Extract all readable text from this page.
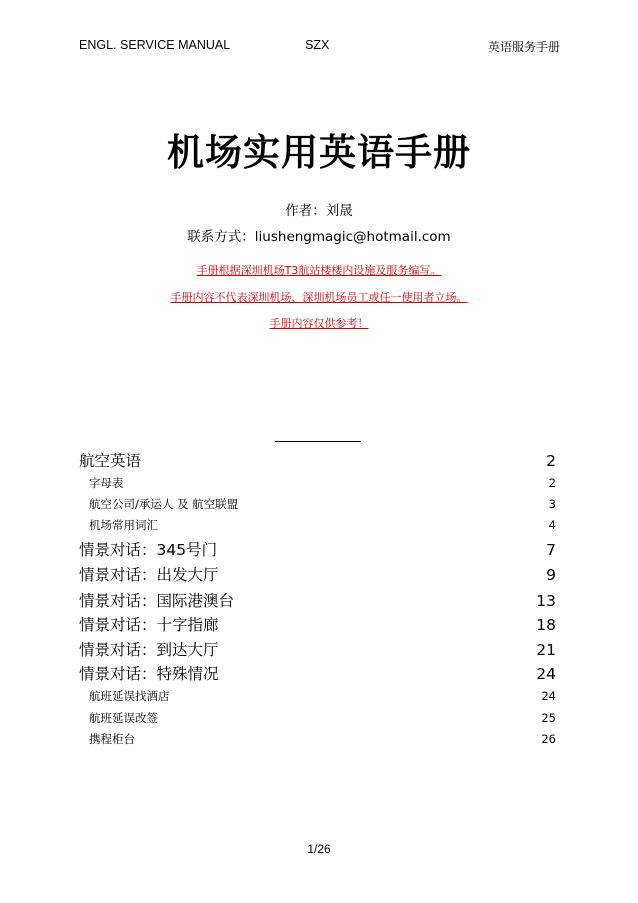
ENGL. SERVICE MANUAL	SZX	英语服务手册
机场实用英语手册
作者：刘晟
联系方式：liushengmagic@hotmail.com
手册根据深圳机场T3航站楼楼内设施及服务编写。
手册内容不代表深圳机场、深圳机场员工或任一使用者立场。
手册内容仅供参考！
航空英语	2
字母表	2
航空公司/承运人 及 航空联盟	3
机场常用词汇	4
情景对话：345号门	7
情景对话：出发大厅	9
情景对话：国际港澳台	13
情景对话：十字指廊	18
情景对话：到达大厅	21
情景对话：特殊情况	24
航班延误找酒店	24
航班延误改签	25
携程柜台	26
1/26
